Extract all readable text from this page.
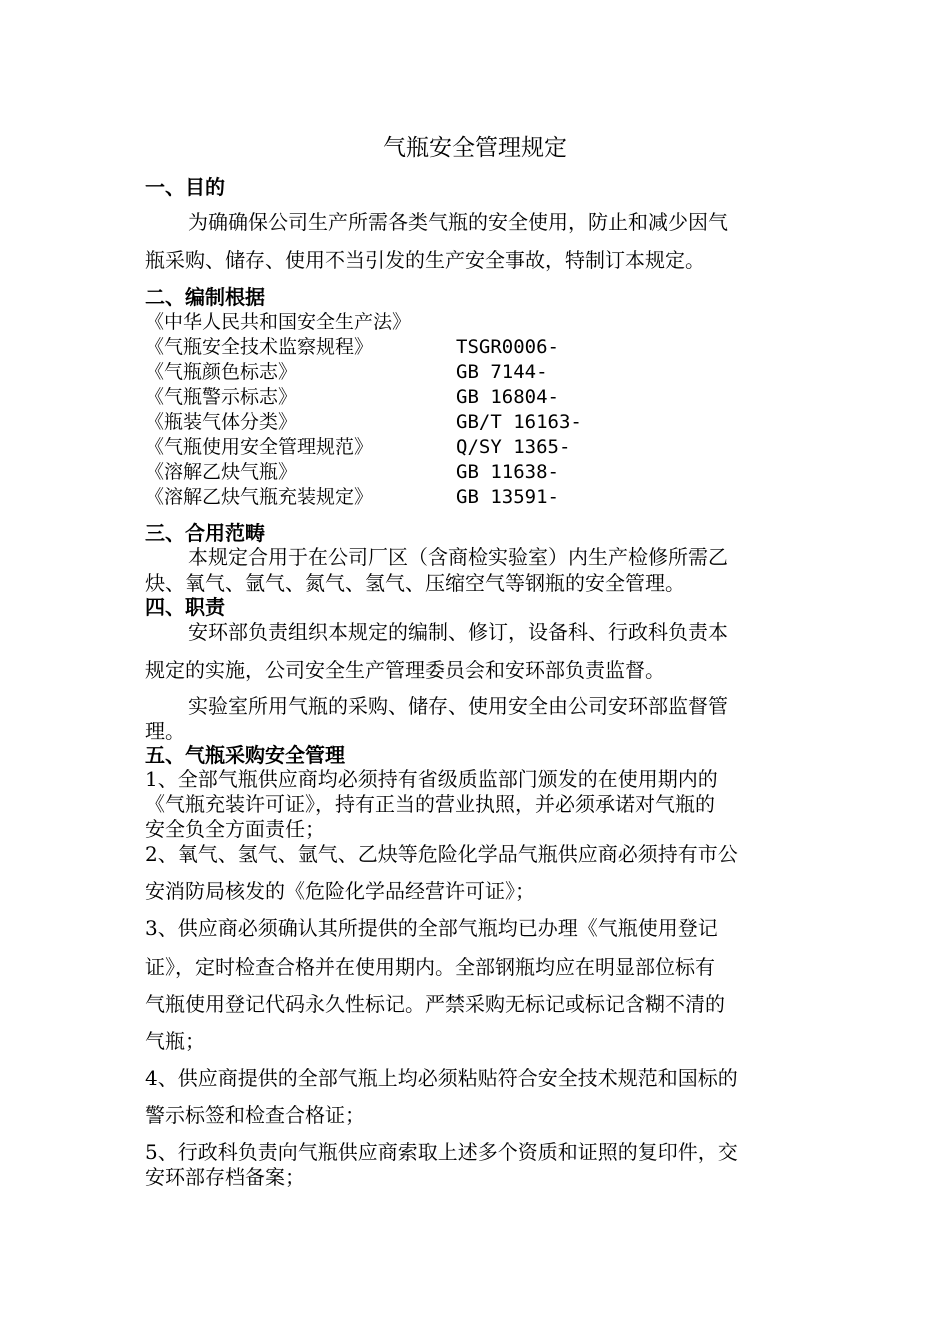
气瓶安全管理规定
一、目的
为确确保公司生产所需各类气瓶的安全使用，防止和减少因气
瓶采购、储存、使用不当引发的生产安全事故，特制订本规定。
二、编制根据
《中华人民共和国安全生产法》
《气瓶安全技术监察规程》	TSGR0006-
《气瓶颜色标志》	GB 7144-
《气瓶警示标志》	GB 16804-
《瓶装气体分类》	GB/T 16163-
《气瓶使用安全管理规范》	Q/SY 1365-
《溶解乙炔气瓶》	GB 11638-
《溶解乙炔气瓶充装规定》	GB 13591-
三、合用范畴
本规定合用于在公司厂区（含商检实验室）内生产检修所需乙
炔、氧气、氩气、氮气、氢气、压缩空气等钢瓶的安全管理。
四、职责
安环部负责组织本规定的编制、修订，设备科、行政科负责本
规定的实施，公司安全生产管理委员会和安环部负责监督。
实验室所用气瓶的采购、储存、使用安全由公司安环部监督管
理。
五、气瓶采购安全管理
1、全部气瓶供应商均必须持有省级质监部门颁发的在使用期内的
《气瓶充装许可证》，持有正当的营业执照，并必须承诺对气瓶的
安全负全方面责任；
2、氧气、氢气、氩气、乙炔等危险化学品气瓶供应商必须持有市公
安消防局核发的《危险化学品经营许可证》；
3、供应商必须确认其所提供的全部气瓶均已办理《气瓶使用登记
证》，定时检查合格并在使用期内。全部钢瓶均应在明显部位标有
气瓶使用登记代码永久性标记。严禁采购无标记或标记含糊不清的
气瓶；
4、供应商提供的全部气瓶上均必须粘贴符合安全技术规范和国标的
警示标签和检查合格证；
5、行政科负责向气瓶供应商索取上述多个资质和证照的复印件，交
安环部存档备案；
